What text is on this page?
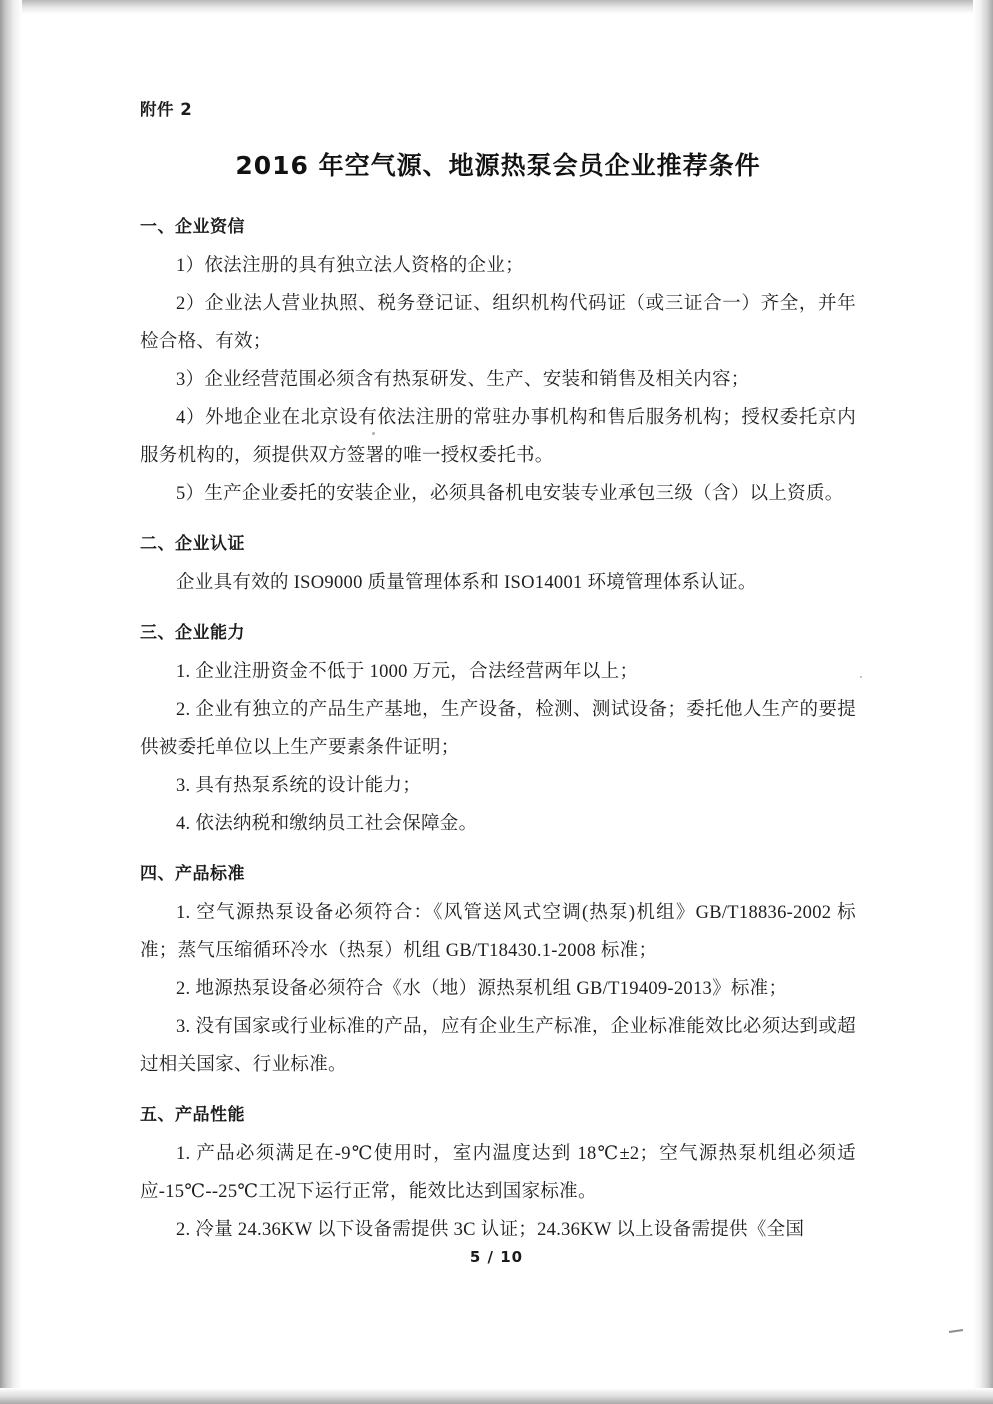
附件 2
2016 年空气源、地源热泵会员企业推荐条件
一、企业资信

1）依法注册的具有独立法人资格的企业；

2）企业法人营业执照、税务登记证、组织机构代码证（或三证合一）齐全，并年检合格、有效；

3）企业经营范围必须含有热泵研发、生产、安装和销售及相关内容；

4）外地企业在北京设有依法注册的常驻办事机构和售后服务机构；授权委托京内服务机构的，须提供双方签署的唯一授权委托书。

5）生产企业委托的安装企业，必须具备机电安装专业承包三级（含）以上资质。

二、企业认证

企业具有效的 ISO9000 质量管理体系和 ISO14001 环境管理体系认证。

三、企业能力

1. 企业注册资金不低于 1000 万元，合法经营两年以上；

2. 企业有独立的产品生产基地，生产设备，检测、测试设备；委托他人生产的要提供被委托单位以上生产要素条件证明；

3. 具有热泵系统的设计能力；

4. 依法纳税和缴纳员工社会保障金。

四、产品标准

1. 空气源热泵设备必须符合：《风管送风式空调(热泵)机组》GB/T18836-2002 标准；蒸气压缩循环冷水（热泵）机组 GB/T18430.1-2008 标准；

2. 地源热泵设备必须符合《水（地）源热泵机组 GB/T19409-2013》标准；

3. 没有国家或行业标准的产品，应有企业生产标准，企业标准能效比必须达到或超过相关国家、行业标准。

五、产品性能

1. 产品必须满足在-9℃使用时，室内温度达到 18℃±2；空气源热泵机组必须适应-15℃--25℃工况下运行正常，能效比达到国家标准。

2. 冷量 24.36KW 以下设备需提供 3C 认证；24.36KW 以上设备需提供《全国

5 / 10
